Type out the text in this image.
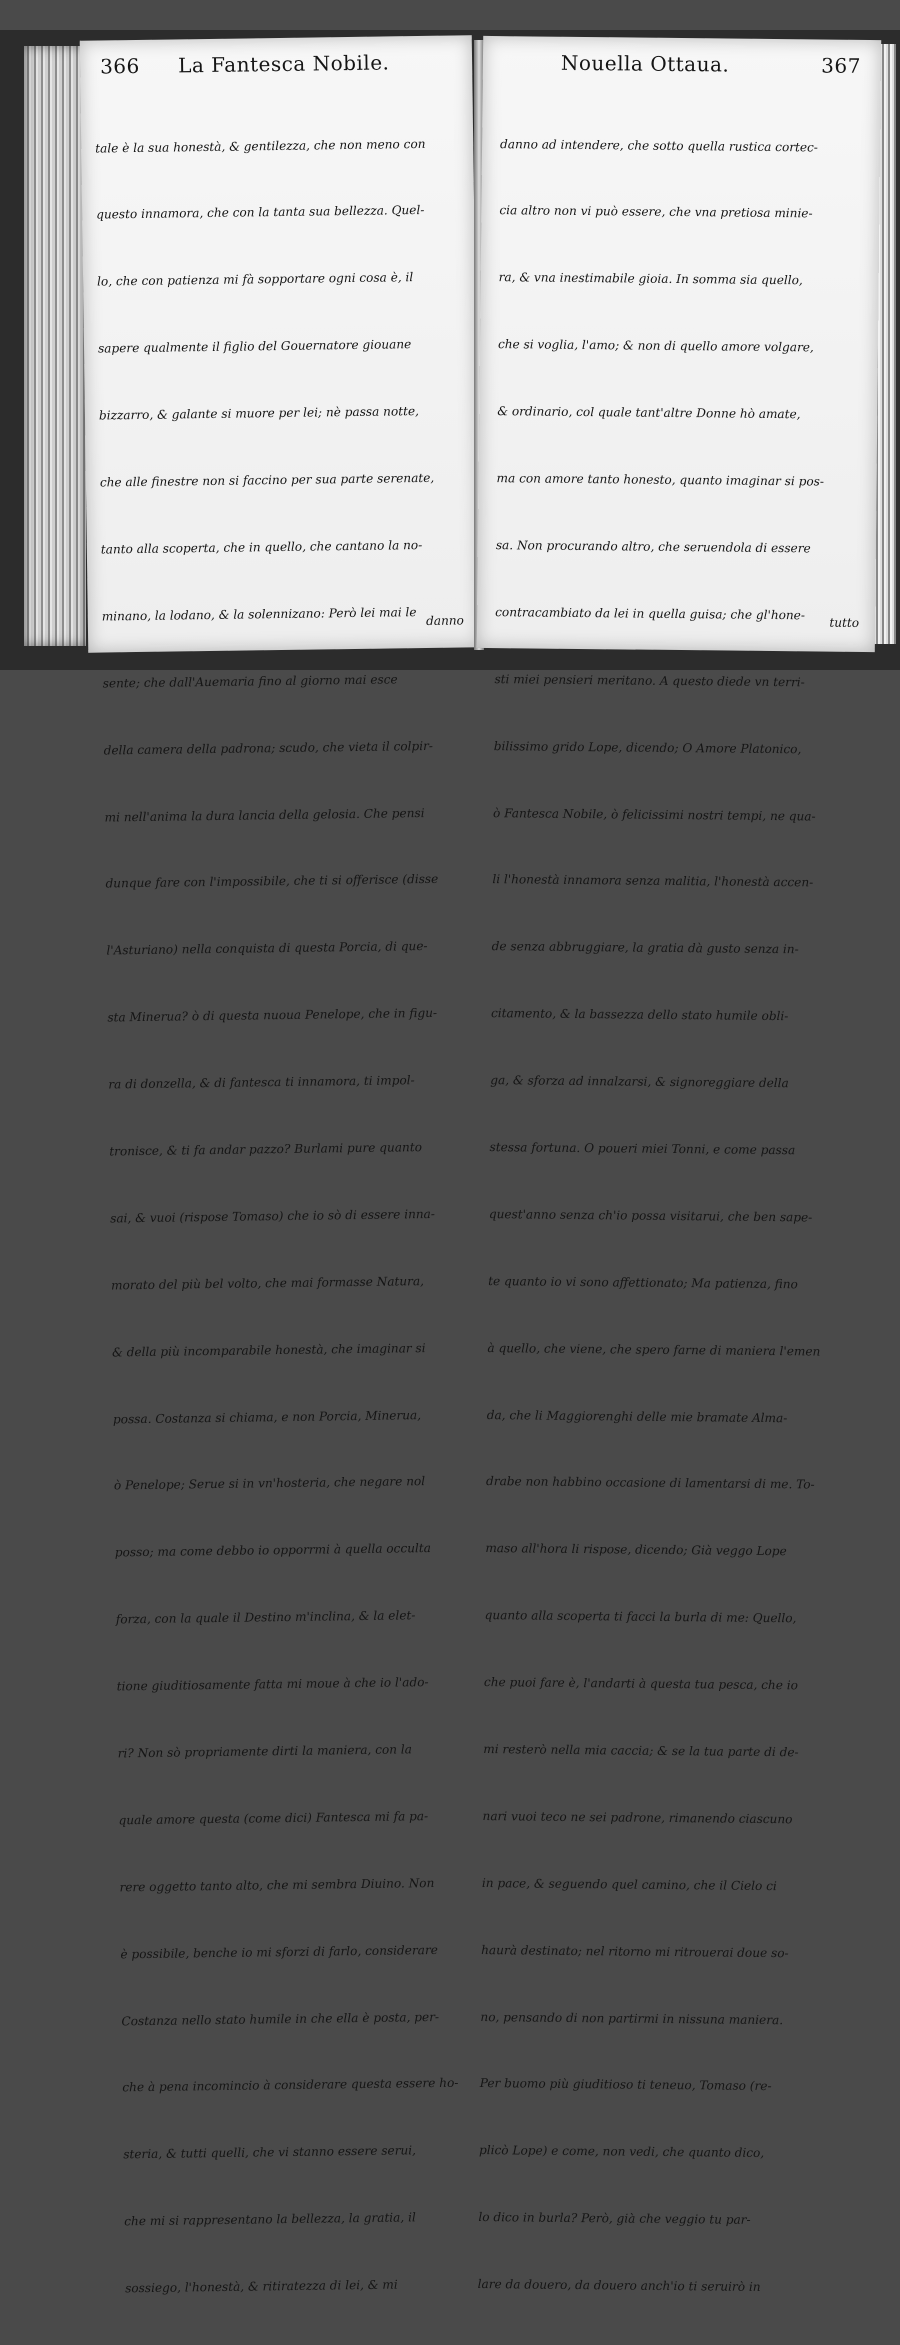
366 La Fantesca Nobile.

tale è la sua honestà, & gentilezza, che non meno con

questo innamora, che con la tanta sua bellezza. Quel-

lo, che con patienza mi fà sopportare ogni cosa è, il

sapere qualmente il figlio del Gouernatore giouane

bizzarro, & galante si muore per lei; nè passa notte,

che alle finestre non si faccino per sua parte serenate,

tanto alla scoperta, che in quello, che cantano la no-

minano, la lodano, & la solennizano: Però lei mai le

sente; che dall'Auemaria fino al giorno mai esce

della camera della padrona; scudo, che vieta il colpir-

mi nell'anima la dura lancia della gelosia. Che pensi

dunque fare con l'impossibile, che ti si offerisce (disse

l'Asturiano) nella conquista di questa Porcia, di que-

sta Minerua? ò di questa nuoua Penelope, che in figu-

ra di donzella, & di fantesca ti innamora, ti impol-

tronisce, & ti fa andar pazzo? Burlami pure quanto

sai, & vuoi (rispose Tomaso) che io sò di essere inna-

morato del più bel volto, che mai formasse Natura,

& della più incomparabile honestà, che imaginar si

possa. Costanza si chiama, e non Porcia, Minerua,

ò Penelope; Serue si in vn'hosteria, che negare nol

posso; ma come debbo io opporrmi à quella occulta

forza, con la quale il Destino m'inclina, & la elet-

tione giuditiosamente fatta mi moue à che io l'ado-

ri? Non sò propriamente dirti la maniera, con la

quale amore questa (come dici) Fantesca mi fa pa-

rere oggetto tanto alto, che mi sembra Diuino. Non

è possibile, benche io mi sforzi di farlo, considerare

Costanza nello stato humile in che ella è posta, per-

che à pena incomincio à considerare questa essere ho-

steria, & tutti quelli, che vi stanno essere serui,

che mi si rappresentano la bellezza, la gratia, il

sossiego, l'honestà, & ritiratezza di lei, & mi

danno
Nouella Ottaua.	367

danno ad intendere, che sotto quella rustica cortec-

cia altro non vi può essere, che vna pretiosa minie-

ra, & vna inestimabile gioia. In somma sia quello,

che si voglia, l'amo; & non di quello amore volgare,

& ordinario, col quale tant'altre Donne hò amate,

ma con amore tanto honesto, quanto imaginar si pos-

sa. Non procurando altro, che seruendola di essere

contracambiato da lei in quella guisa; che gl'hone-

sti miei pensieri meritano. A questo diede vn terri-

bilissimo grido Lope, dicendo; O Amore Platonico,

ò Fantesca Nobile, ò felicissimi nostri tempi, ne qua-

li l'honestà innamora senza malitia, l'honestà accen-

de senza abbruggiare, la gratia dà gusto senza in-

citamento, & la bassezza dello stato humile obli-

ga, & sforza ad innalzarsi, & signoreggiare della

stessa fortuna. O poueri miei Tonni, e come passa

quest'anno senza ch'io possa visitarui, che ben sape-

te quanto io vi sono affettionato; Ma patienza, fino

à quello, che viene, che spero farne di maniera l'emen

da, che li Maggiorenghi delle mie bramate Alma-

drabe non habbino occasione di lamentarsi di me. To-

maso all'hora li rispose, dicendo; Già veggo Lope

quanto alla scoperta ti facci la burla di me: Quello,

che puoi fare è, l'andarti à questa tua pesca, che io

mi resterò nella mia caccia; & se la tua parte di de-

nari vuoi teco ne sei padrone, rimanendo ciascuno

in pace, & seguendo quel camino, che il Cielo ci

haurà destinato; nel ritorno mi ritrouerai doue so-

no, pensando di non partirmi in nissuna maniera.

Per buomo più giuditioso ti teneuo, Tomaso (re-

plicò Lope) e come, non vedi, che quanto dico,

lo dico in burla? Però, già che veggio tu par-

lare da douero, da douero anch'io ti seruirò in

tutto
